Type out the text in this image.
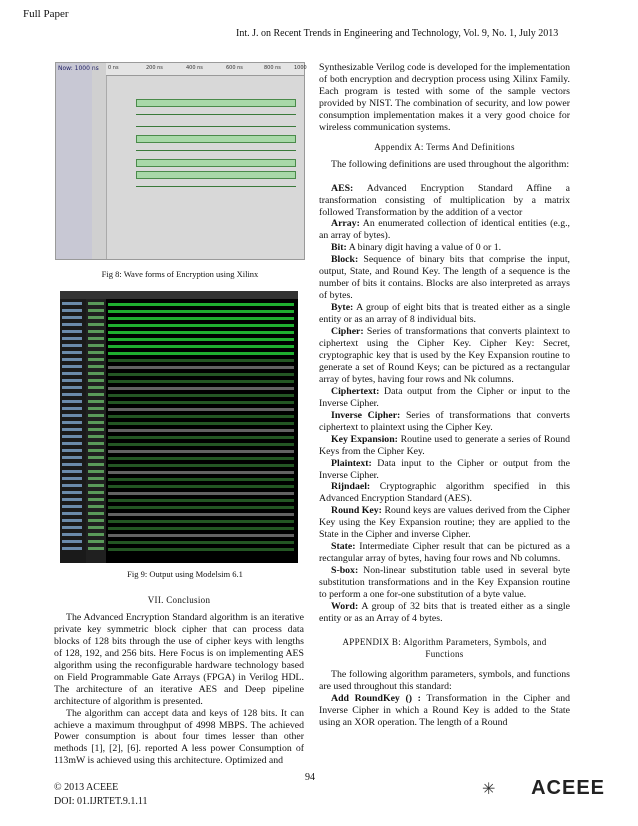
Full Paper
Int. J. on Recent Trends in Engineering and Technology, Vol. 9, No. 1, July 2013
Now: 1000 ns 0 ns	200 ns	400 ns	600 ns	800 ns	1000
Fig 8: Wave forms of Encryption using Xilinx
Fig 9: Output using Modelsim 6.1

VII. Conclusion

The Advanced Encryption Standard algorithm is an iterative private key symmetric block cipher that can process data blocks of 128 bits through the use of cipher keys with lengths of 128, 192, and 256 bits. Here Focus is on implementing AES algorithm using the reconfigurable hardware technology based on Field Programmable Gate Arrays (FPGA) in Verilog HDL. The architecture of an iterative AES and Deep pipeline architecture of algorithm is presented.

The algorithm can accept data and keys of 128 bits. It can achieve a maximum throughput of 4998 MBPS. The achieved Power consumption is about four times lesser than other methods [1], [2], [6]. reported A less power Consumption of 113mW is achieved using this architecture. Optimized and

Synthesizable Verilog code is developed for the implementation of both encryption and decryption process using Xilinx Family. Each program is tested with some of the sample vectors provided by NIST. The combination of security, and low power consumption implementation makes it a very good choice for wireless communication systems.

Appendix A: Terms And Definitions

The following definitions are used throughout the algorithm:

AES: Advanced Encryption Standard Affine a transformation consisting of multiplication by a matrix followed Transformation by the addition of a vector

Array: An enumerated collection of identical entities (e.g., an array of bytes).

Bit: A binary digit having a value of 0 or 1.

Block: Sequence of binary bits that comprise the input, output, State, and Round Key. The length of a sequence is the number of bits it contains. Blocks are also interpreted as arrays of bytes.

Byte: A group of eight bits that is treated either as a single entity or as an array of 8 individual bits.

Cipher: Series of transformations that converts plaintext to ciphertext using the Cipher Key. Cipher Key: Secret, cryptographic key that is used by the Key Expansion routine to generate a set of Round Keys; can be pictured as a rectangular array of bytes, having four rows and Nk columns.

Ciphertext: Data output from the Cipher or input to the Inverse Cipher.

Inverse Cipher: Series of transformations that converts ciphertext to plaintext using the Cipher Key.

Key Expansion: Routine used to generate a series of Round Keys from the Cipher Key.

Plaintext: Data input to the Cipher or output from the Inverse Cipher.

Rijndael: Cryptographic algorithm specified in this Advanced Encryption Standard (AES).

Round Key: Round keys are values derived from the Cipher Key using the Key Expansion routine; they are applied to the State in the Cipher and inverse Cipher.

State: Intermediate Cipher result that can be pictured as a rectangular array of bytes, having four rows and Nb columns.

S-box: Non-linear substitution table used in several byte substitution transformations and in the Key Expansion routine to perform a one for-one substitution of a byte value.

Word: A group of 32 bits that is treated either as a single entity or as an Array of 4 bytes.

APPENDIX B: Algorithm Parameters, Symbols, and

Functions

The following algorithm parameters, symbols, and functions are used throughout this standard:

Add RoundKey () : Transformation in the Cipher and Inverse Cipher in which a Round Key is added to the State using an XOR operation. The length of a Round

© 2013 ACEEE
DOI: 01.IJRTET.9.1.11
94
✳ ACEEE
